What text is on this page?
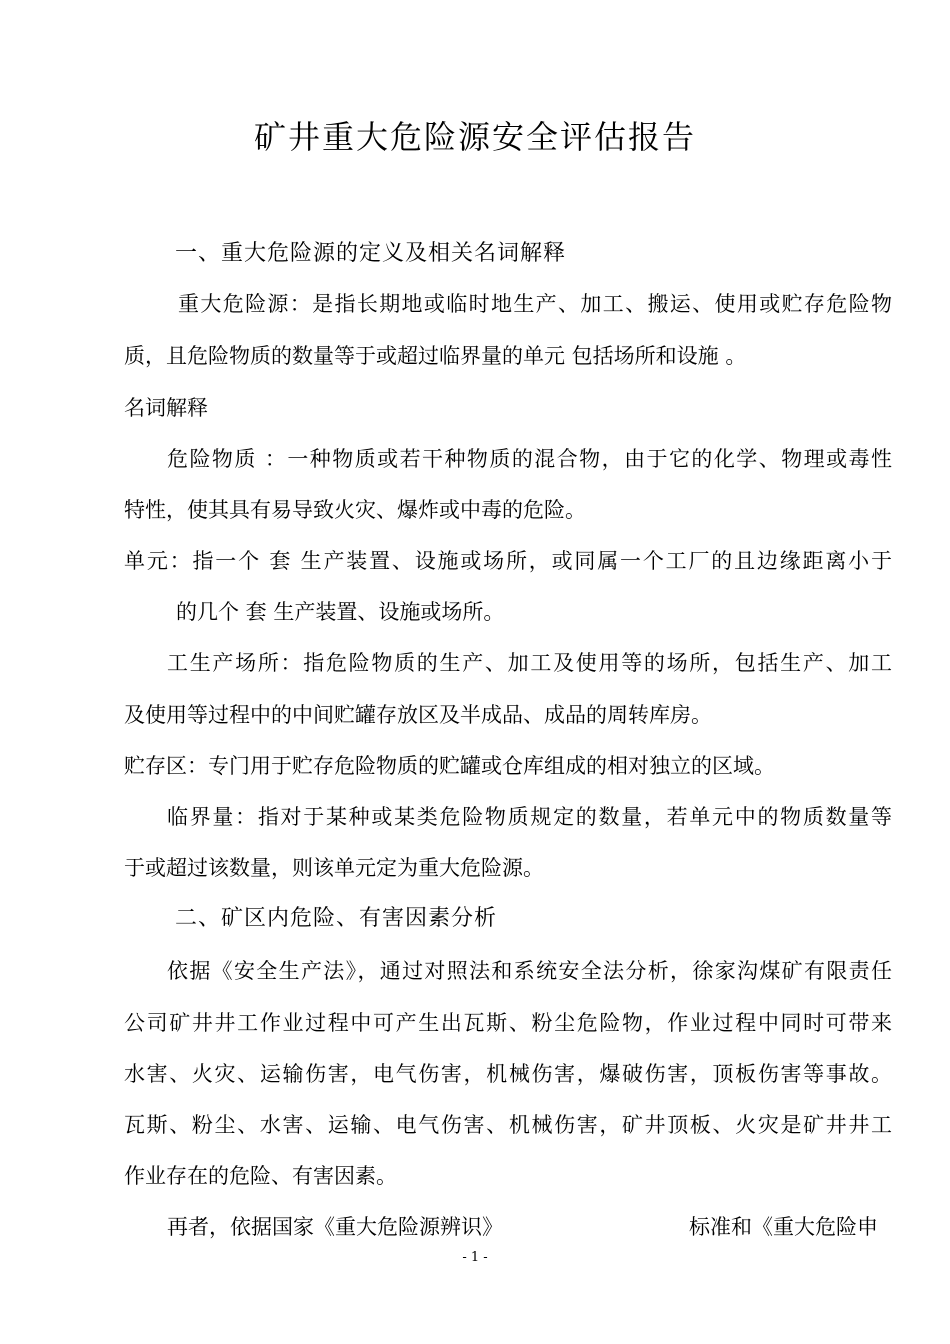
矿井重大危险源安全评估报告
一、重大危险源的定义及相关名词解释
重大危险源：是指长期地或临时地生产、加工、搬运、使用或贮存危险物
质，且危险物质的数量等于或超过临界量的单元 包括场所和设施 。
名词解释
危险物质 ：一种物质或若干种物质的混合物，由于它的化学、物理或毒性
特性，使其具有易导致火灾、爆炸或中毒的危险。
单元：指一个 套 生产装置、设施或场所，或同属一个工厂的且边缘距离小于
的几个 套 生产装置、设施或场所。
工生产场所：指危险物质的生产、加工及使用等的场所，包括生产、加工
及使用等过程中的中间贮罐存放区及半成品、成品的周转库房。
贮存区：专门用于贮存危险物质的贮罐或仓库组成的相对独立的区域。
临界量：指对于某种或某类危险物质规定的数量，若单元中的物质数量等
于或超过该数量，则该单元定为重大危险源。
二、矿区内危险、有害因素分析
依据《安全生产法》，通过对照法和系统安全法分析，徐家沟煤矿有限责任
公司矿井井工作业过程中可产生出瓦斯、粉尘危险物，作业过程中同时可带来
水害、火灾、运输伤害，电气伤害，机械伤害，爆破伤害，顶板伤害等事故。
瓦斯、粉尘、水害、运输、电气伤害、机械伤害，矿井顶板、火灾是矿井井工
作业存在的危险、有害因素。
再者，依据国家《重大危险源辨识》	标准和《重大危险申
- 1 -
